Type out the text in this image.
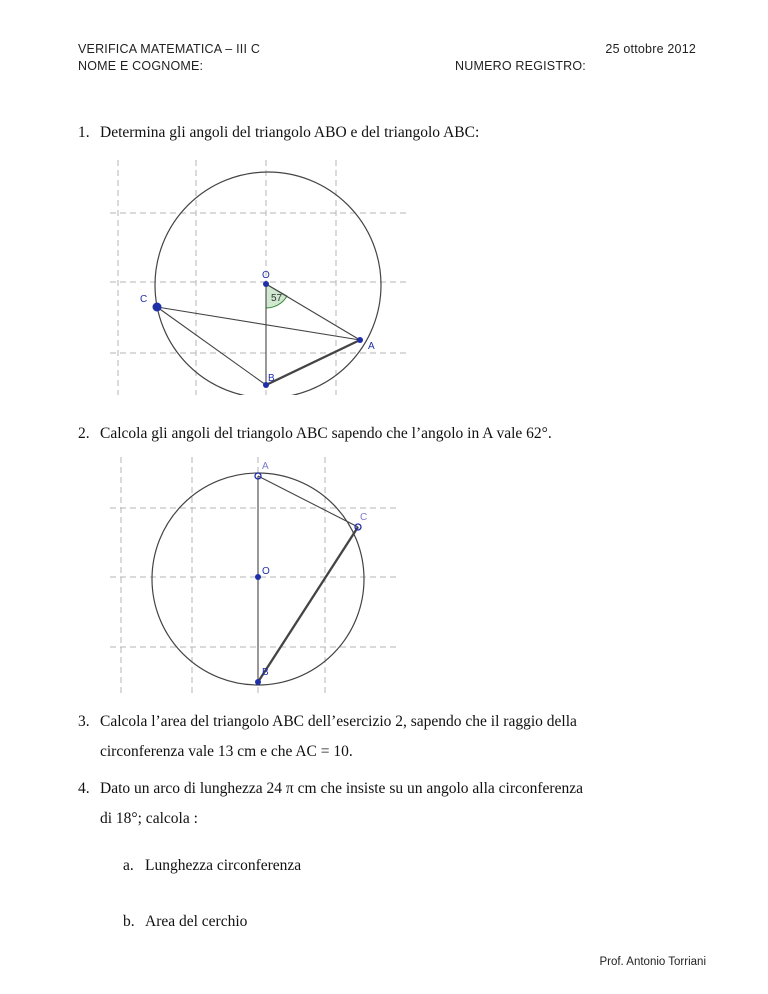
VERIFICA MATEMATICA – III C
NOME E COGNOME:
25 ottobre 2012
NUMERO REGISTRO:
1. Determina gli angoli del triangolo ABO e del triangolo ABC:
57
O
C
A
B
2. Calcola gli angoli del triangolo ABC sapendo che l’angolo in A vale 62°.
A
C
O
B
3. Calcola l’area del triangolo ABC dell’esercizio 2, sapendo che il raggio della
circonferenza vale 13 cm e che AC = 10.
4. Dato un arco di lunghezza 24 π cm che insiste su un angolo alla circonferenza
di 18°; calcola :
a. Lunghezza circonferenza
b. Area del cerchio
Prof. Antonio Torriani
